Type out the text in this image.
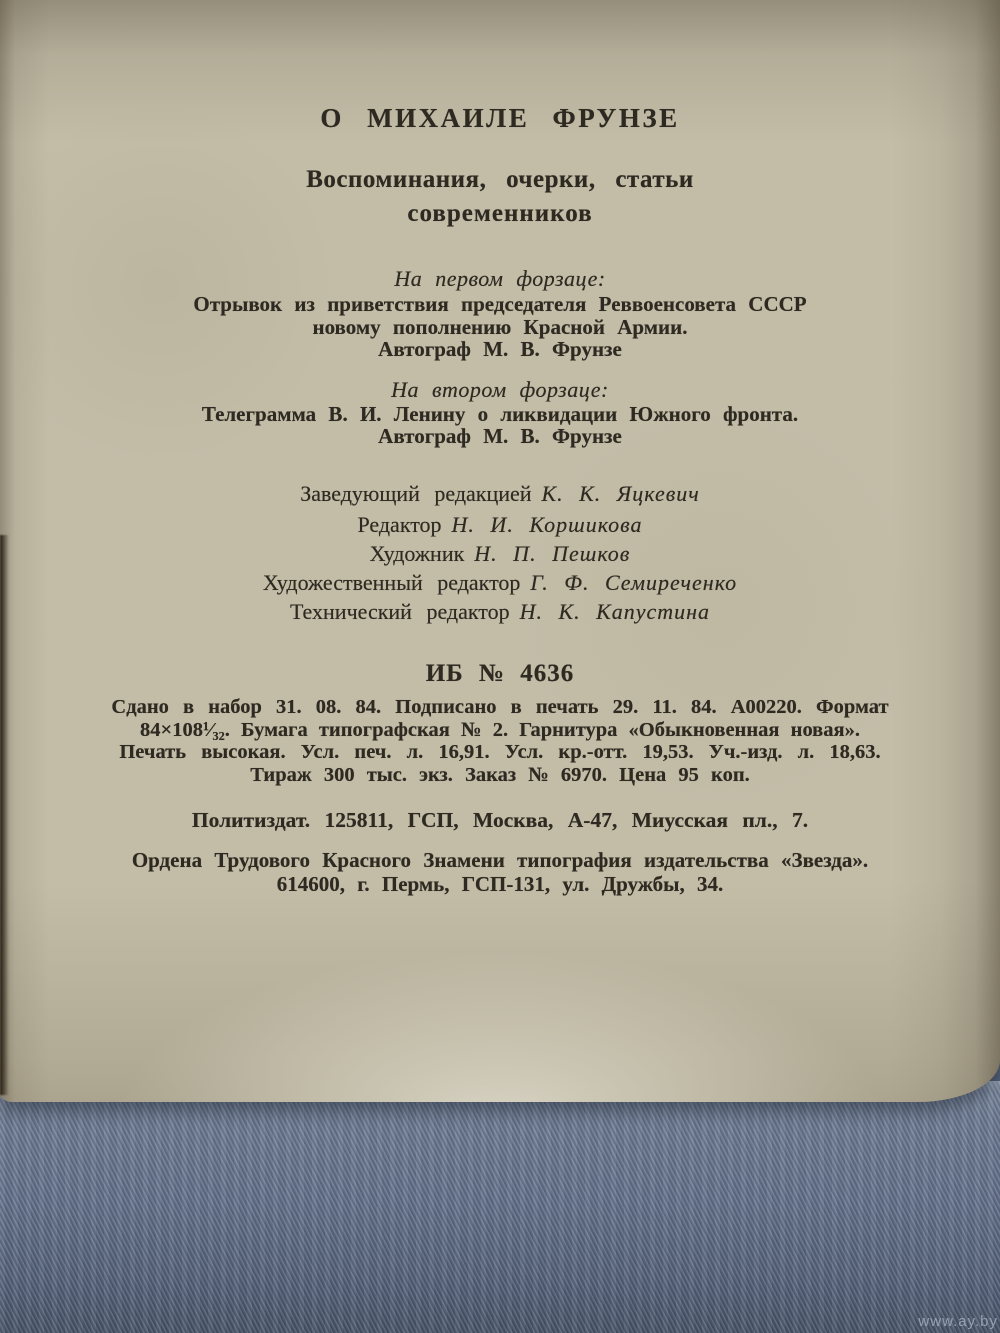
О МИХАИЛЕ ФРУНЗЕ
Воспоминания, очерки, статьи
современников
На первом форзаце:
Отрывок из приветствия председателя Реввоенсовета СССР
новому пополнению Красной Армии.
Автограф М. В. Фрунзе
На втором форзаце:
Телеграмма В. И. Ленину о ликвидации Южного фронта.
Автограф М. В. Фрунзе
Заведующий редакцией К. К. Яцкевич
Редактор Н. И. Коршикова
Художник Н. П. Пешков
Художественный редактор Г. Ф. Семиреченко
Технический редактор Н. К. Капустина
ИБ № 4636
Сдано в набор 31. 08. 84. Подписано в печать 29. 11. 84. А00220. Формат
84×108¹⁄₃₂. Бумага типографская № 2. Гарнитура «Обыкновенная новая».
Печать высокая. Усл. печ. л. 16,91. Усл. кр.-отт. 19,53. Уч.-изд. л. 18,63.
Тираж 300 тыс. экз. Заказ № 6970. Цена 95 коп.
Политиздат. 125811, ГСП, Москва, А-47, Миусская пл., 7.
Ордена Трудового Красного Знамени типография издательства «Звезда».
614600, г. Пермь, ГСП-131, ул. Дружбы, 34.
www.ay.by
